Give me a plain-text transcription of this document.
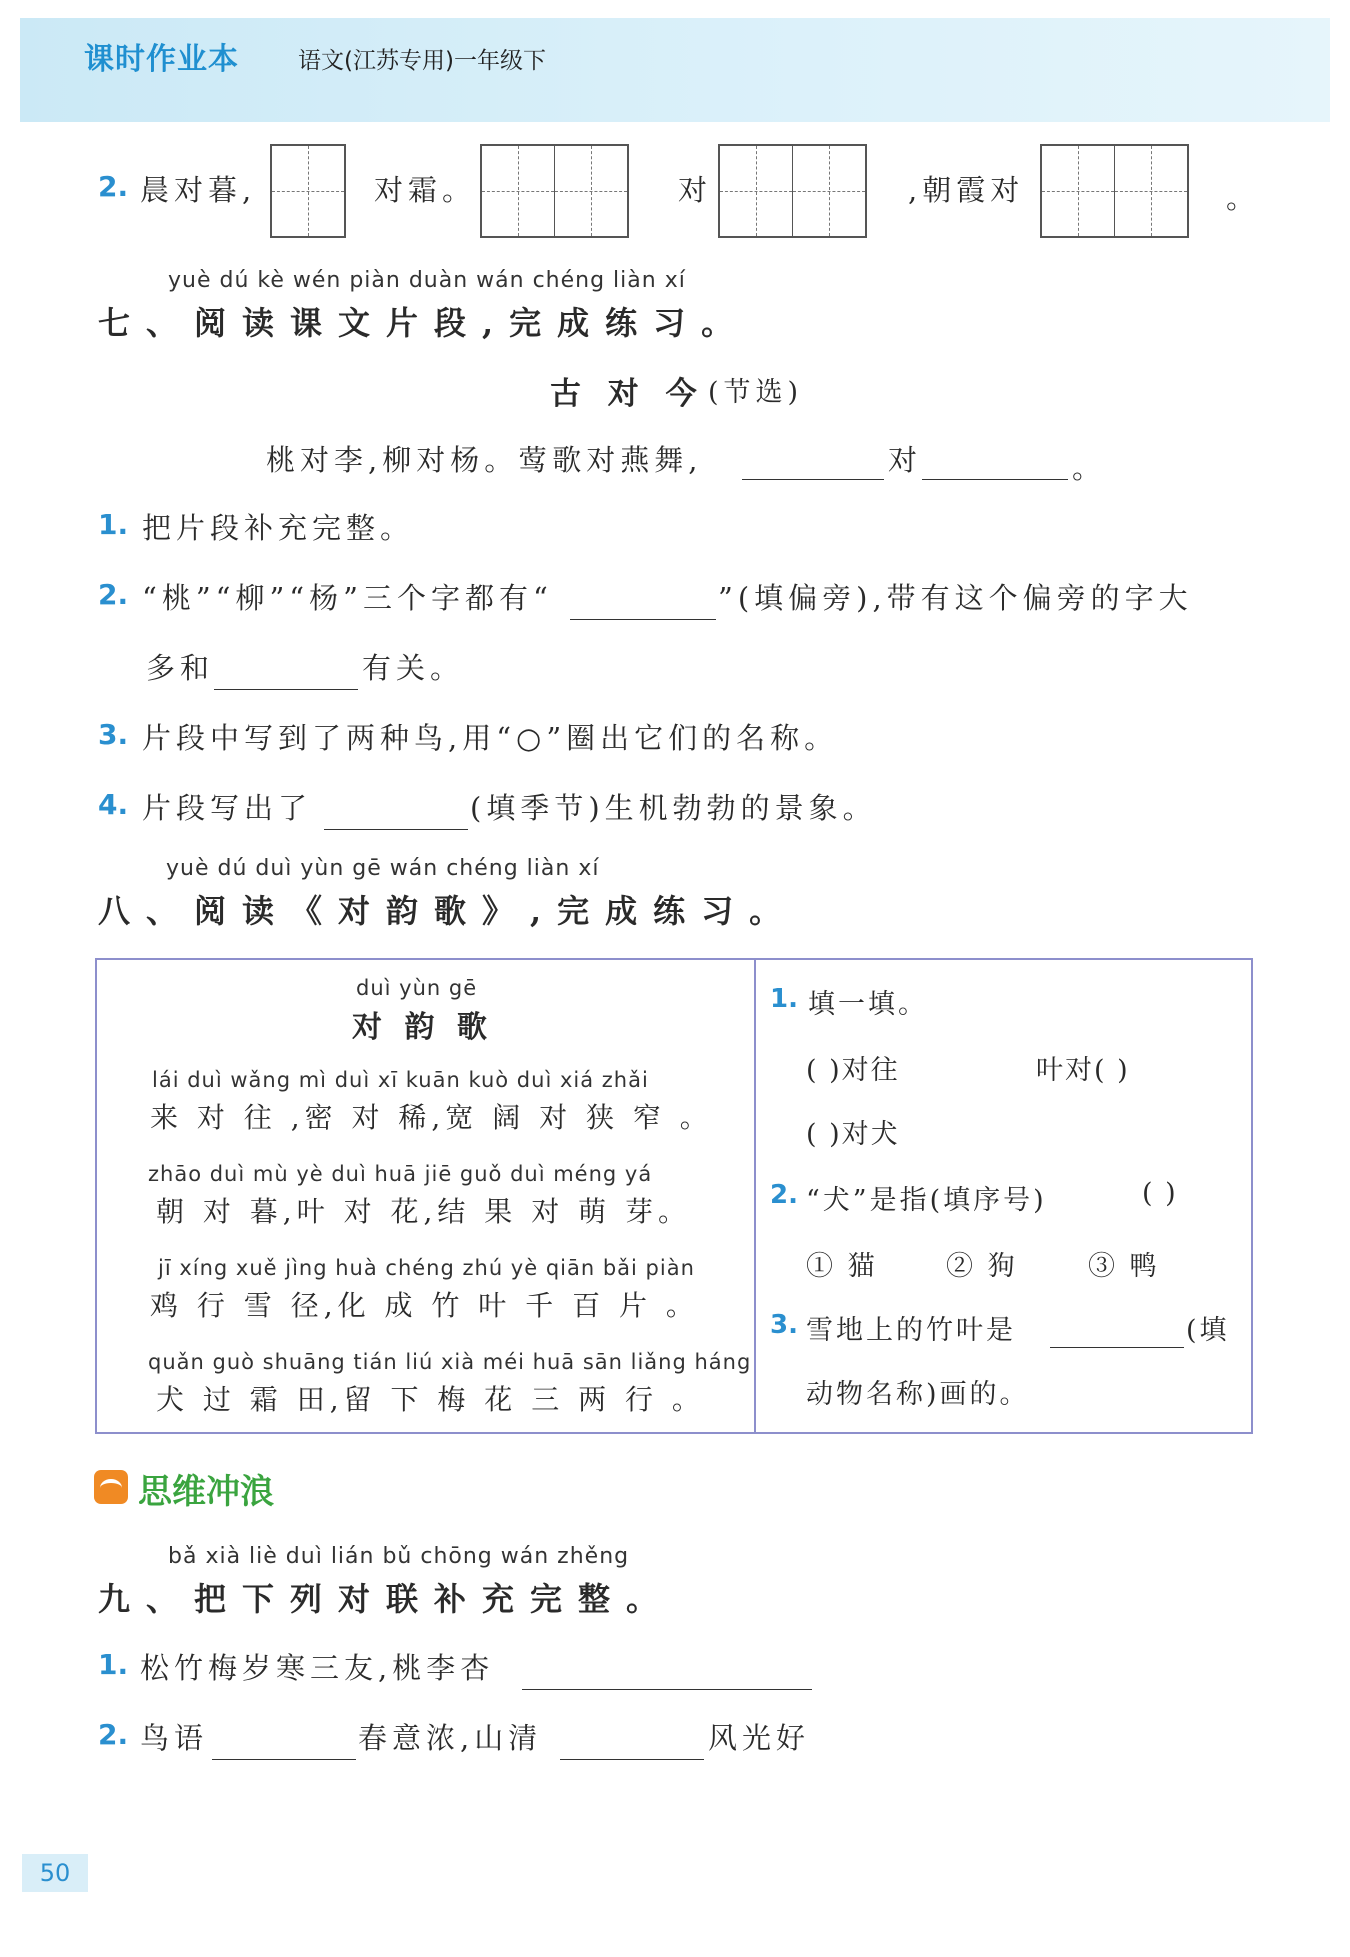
课时作业本	语文(江苏专用)一年级下
2. 晨对暮,	对霜。	对	,朝霞对	。
yuè dú kè wén piàn duàn wán chéng liàn xí
七、阅读课文片段,完成练习。
古 对 今 (节选)
桃对李,柳对杨。莺歌对燕舞,	对	。
1. 把片段补充完整。
2. “桃”“柳”“杨”三个字都有“	”(填偏旁),带有这个偏旁的字大
多和	有关。
3. 片段中写到了两种鸟,用“○”圈出它们的名称。
4. 片段写出了	(填季节)生机勃勃的景象。
yuè dú duì yùn gē wán chéng liàn xí
八、阅读《对韵歌》,完成练习。
duì yùn gē
对 韵 歌
lái duì wǎng mì duì xī kuān kuò duì xiá zhǎi
来 对 往 ,密 对 稀,宽 阔 对 狭 窄 。
zhāo duì mù yè duì huā jiē guǒ duì méng yá
朝 对 暮,叶 对 花,结 果 对 萌 芽。
jī xíng xuě jìng huà chéng zhú yè qiān bǎi piàn
鸡 行 雪 径,化 成 竹 叶 千 百 片 。
quǎn guò shuāng tián liú xià méi huā sān liǎng háng
犬 过 霜 田,留 下 梅 花 三 两 行 。
1. 填一填。
( )对往	叶对( )
( )对犬
2. “犬”是指(填序号)	( )
① 猫	② 狗	③ 鸭
3. 雪地上的竹叶是	(填
动物名称)画的。
思维冲浪
bǎ xià liè duì lián bǔ chōng wán zhěng
九、把下列对联补充完整。
1. 松竹梅岁寒三友,桃李杏
2. 鸟语	春意浓,山清	风光好
50
